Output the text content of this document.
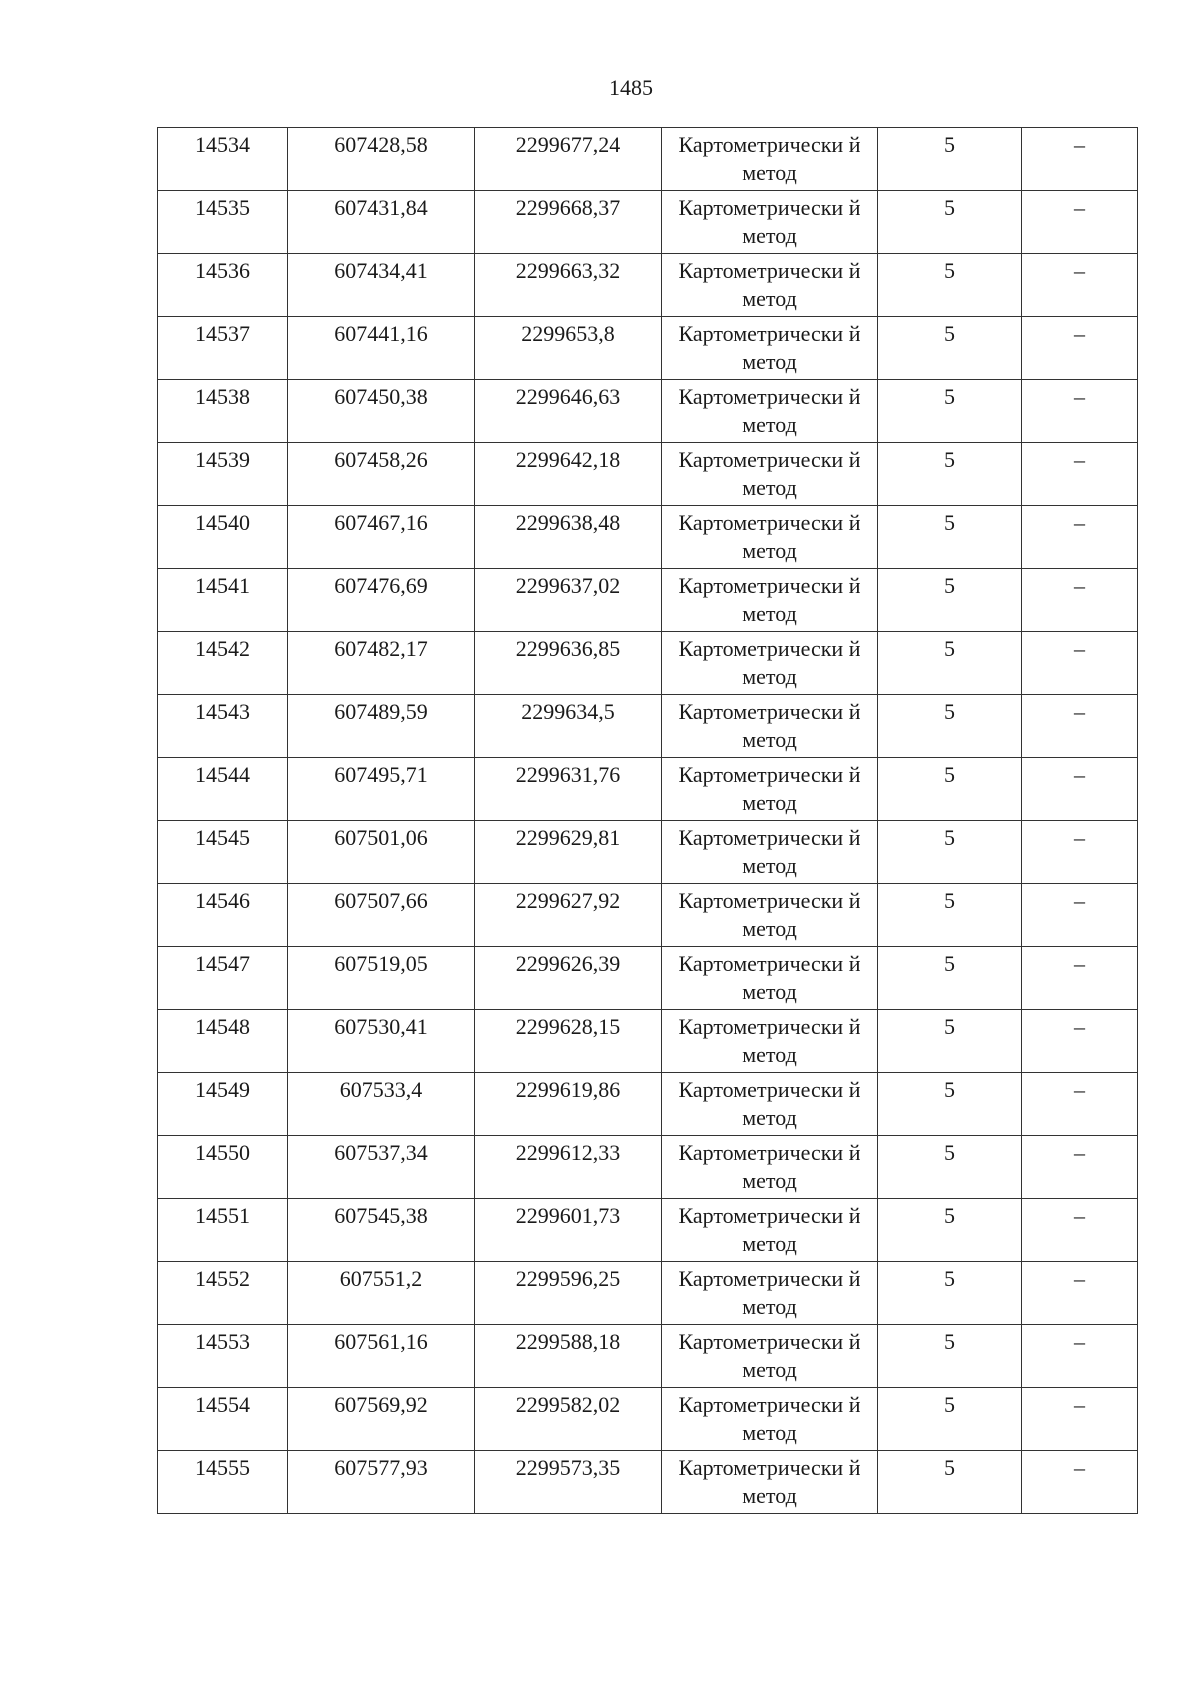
1485
14534	607428,58	2299677,24	Картометрически й метод	5	–
14535	607431,84	2299668,37	Картометрически й метод	5	–
14536	607434,41	2299663,32	Картометрически й метод	5	–
14537	607441,16	2299653,8	Картометрически й метод	5	–
14538	607450,38	2299646,63	Картометрически й метод	5	–
14539	607458,26	2299642,18	Картометрически й метод	5	–
14540	607467,16	2299638,48	Картометрически й метод	5	–
14541	607476,69	2299637,02	Картометрически й метод	5	–
14542	607482,17	2299636,85	Картометрически й метод	5	–
14543	607489,59	2299634,5	Картометрически й метод	5	–
14544	607495,71	2299631,76	Картометрически й метод	5	–
14545	607501,06	2299629,81	Картометрически й метод	5	–
14546	607507,66	2299627,92	Картометрически й метод	5	–
14547	607519,05	2299626,39	Картометрически й метод	5	–
14548	607530,41	2299628,15	Картометрически й метод	5	–
14549	607533,4	2299619,86	Картометрически й метод	5	–
14550	607537,34	2299612,33	Картометрически й метод	5	–
14551	607545,38	2299601,73	Картометрически й метод	5	–
14552	607551,2	2299596,25	Картометрически й метод	5	–
14553	607561,16	2299588,18	Картометрически й метод	5	–
14554	607569,92	2299582,02	Картометрически й метод	5	–
14555	607577,93	2299573,35	Картометрически й метод	5	–
